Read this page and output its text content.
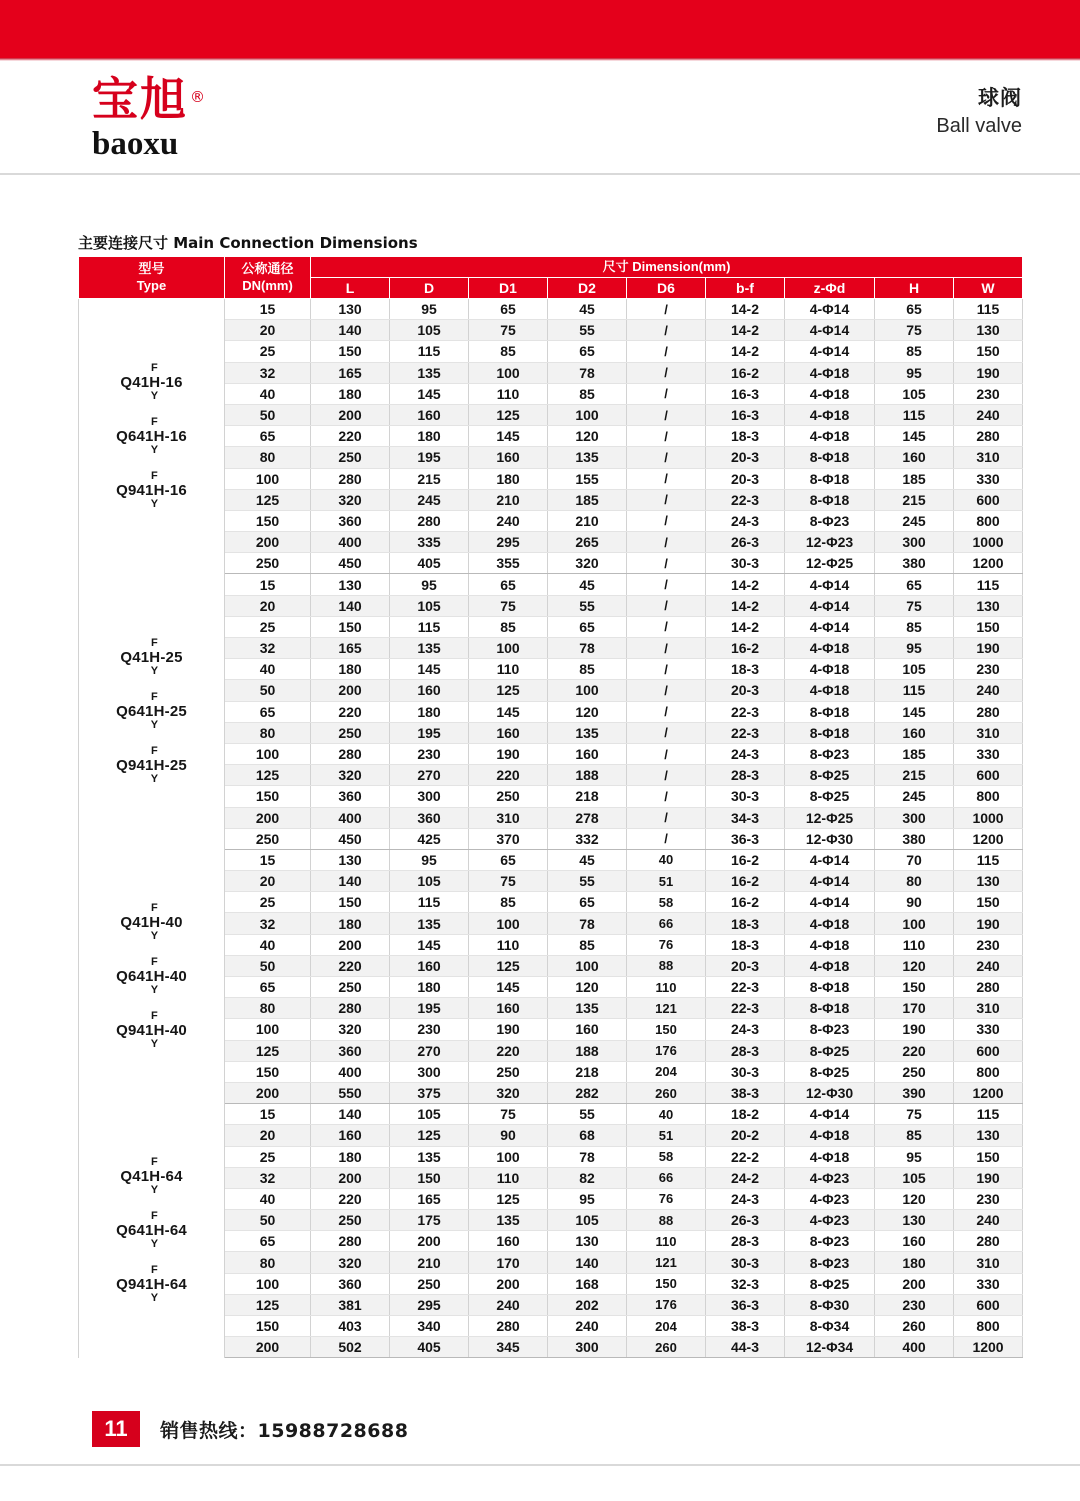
宝旭 ®
baoxu
球阀
Ball valve
主要连接尺寸 Main Connection Dimensions
型号
Type	公称通径
DN(mm)	尺寸 Dimension(mm)								
		L	D	D1	D2	D6	b-f	z-Φd	H	W

F
Q41H-16
Y
F
Q641H-16
Y
F
Q941H-16
Y
	15	130	95	65	45	/	14-2	4-Φ14	65	115
	20	140	105	75	55	/	14-2	4-Φ14	75	130
	25	150	115	85	65	/	14-2	4-Φ14	85	150
	32	165	135	100	78	/	16-2	4-Φ18	95	190
	40	180	145	110	85	/	16-3	4-Φ18	105	230
	50	200	160	125	100	/	16-3	4-Φ18	115	240
	65	220	180	145	120	/	18-3	4-Φ18	145	280
	80	250	195	160	135	/	20-3	8-Φ18	160	310
	100	280	215	180	155	/	20-3	8-Φ18	185	330
	125	320	245	210	185	/	22-3	8-Φ18	215	600
	150	360	280	240	210	/	24-3	8-Φ23	245	800
	200	400	335	295	265	/	26-3	12-Φ23	300	1000
	250	450	405	355	320	/	30-3	12-Φ25	380	1200

F
Q41H-25
Y
F
Q641H-25
Y
F
Q941H-25
Y
	15	130	95	65	45	/	14-2	4-Φ14	65	115
	20	140	105	75	55	/	14-2	4-Φ14	75	130
	25	150	115	85	65	/	14-2	4-Φ14	85	150
	32	165	135	100	78	/	16-2	4-Φ18	95	190
	40	180	145	110	85	/	18-3	4-Φ18	105	230
	50	200	160	125	100	/	20-3	4-Φ18	115	240
	65	220	180	145	120	/	22-3	8-Φ18	145	280
	80	250	195	160	135	/	22-3	8-Φ18	160	310
	100	280	230	190	160	/	24-3	8-Φ23	185	330
	125	320	270	220	188	/	28-3	8-Φ25	215	600
	150	360	300	250	218	/	30-3	8-Φ25	245	800
	200	400	360	310	278	/	34-3	12-Φ25	300	1000
	250	450	425	370	332	/	36-3	12-Φ30	380	1200

F
Q41H-40
Y
F
Q641H-40
Y
F
Q941H-40
Y
	15	130	95	65	45	40	16-2	4-Φ14	70	115
	20	140	105	75	55	51	16-2	4-Φ14	80	130
	25	150	115	85	65	58	16-2	4-Φ14	90	150
	32	180	135	100	78	66	18-3	4-Φ18	100	190
	40	200	145	110	85	76	18-3	4-Φ18	110	230
	50	220	160	125	100	88	20-3	4-Φ18	120	240
	65	250	180	145	120	110	22-3	8-Φ18	150	280
	80	280	195	160	135	121	22-3	8-Φ18	170	310
	100	320	230	190	160	150	24-3	8-Φ23	190	330
	125	360	270	220	188	176	28-3	8-Φ25	220	600
	150	400	300	250	218	204	30-3	8-Φ25	250	800
	200	550	375	320	282	260	38-3	12-Φ30	390	1200

F
Q41H-64
Y
F
Q641H-64
Y
F
Q941H-64
Y
	15	140	105	75	55	40	18-2	4-Φ14	75	115
	20	160	125	90	68	51	20-2	4-Φ18	85	130
	25	180	135	100	78	58	22-2	4-Φ18	95	150
	32	200	150	110	82	66	24-2	4-Φ23	105	190
	40	220	165	125	95	76	24-3	4-Φ23	120	230
	50	250	175	135	105	88	26-3	4-Φ23	130	240
	65	280	200	160	130	110	28-3	8-Φ23	160	280
	80	320	210	170	140	121	30-3	8-Φ23	180	310
	100	360	250	200	168	150	32-3	8-Φ25	200	330
	125	381	295	240	202	176	36-3	8-Φ30	230	600
	150	403	340	280	240	204	38-3	8-Φ34	260	800
	200	502	405	345	300	260	44-3	12-Φ34	400	1200
11	销售热线：15988728688
